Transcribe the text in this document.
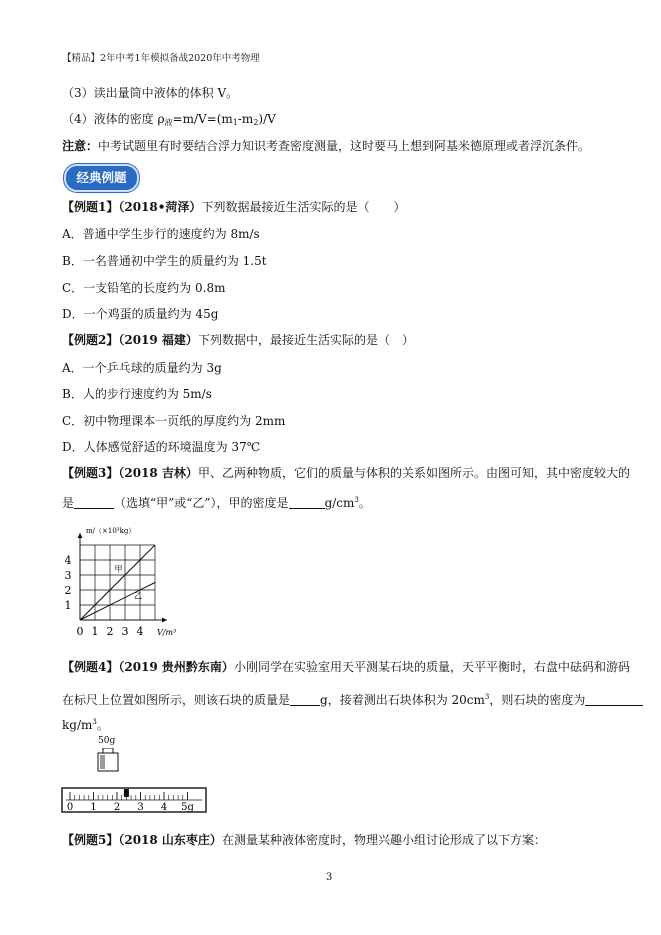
【精品】2年中考1年模拟备战2020年中考物理
（3）读出量筒中液体的体积 V。
（4）液体的密度 $\rho_液=m/V=(m_1-m_2)/V$
注意：中考试题里有时要结合浮力知识考查密度测量，这时要马上想到阿基米德原理或者浮沉条件。
经典例题
【例题1】（2018•菏泽）下列数据最接近生活实际的是（　　）
A．普通中学生步行的速度约为 8m/s
B．一名普通初中学生的质量约为 1.5t
C．一支铅笔的长度约为 0.8m
D．一个鸡蛋的质量约为 45g
【例题2】（2019 福建）下列数据中，最接近生活实际的是（　）
A．一个乒乓球的质量约为 3g
B．人的步行速度约为 5m/s
C．初中物理课本一页纸的厚度约为 2mm
D．人体感觉舒适的环境温度为 37℃
【例题3】（2018 吉林）甲、乙两种物质，它们的质量与体积的关系如图所示。由图可知，其中密度较大的
是	（选填“甲”或“乙”），甲的密度是	$g/cm^3$。
0 1 2 3 4
1
2
3
4
m/（×10³kg）
V/m³
甲
乙
【例题4】（2019 贵州黔东南）小刚同学在实验室用天平测某石块的质量，天平平衡时，右盘中砝码和游码
在标尺上位置如图所示，则该石块的质量是	g，接着测出石块体积为 $20cm^3$，则石块的密度为
$kg/m^3$。
50g
0 1 2 3 4 5g
【例题5】（2018 山东枣庄）在测量某种液体密度时，物理兴趣小组讨论形成了以下方案：
3
